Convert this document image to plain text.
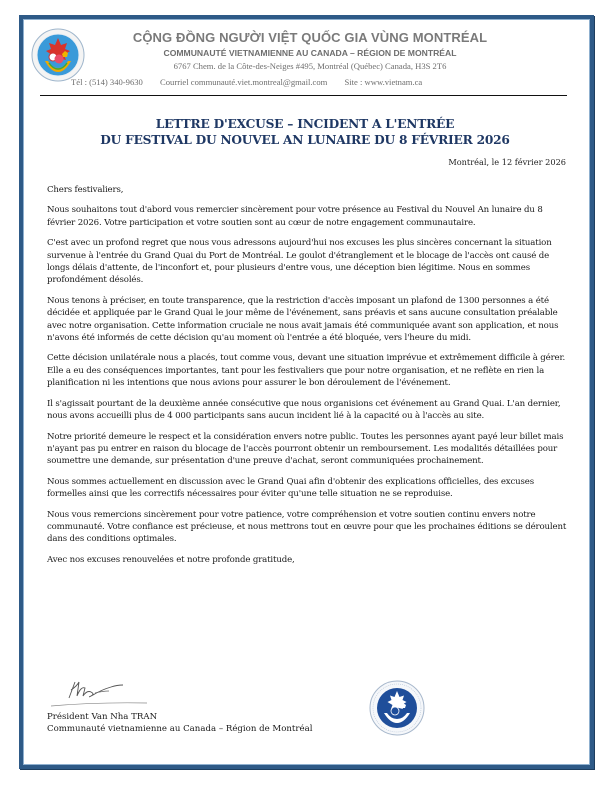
CỘNG ĐỒNG NGƯỜI VIỆT QUỐC GIA VÙNG MONTRÉAL
COMMUNAUTÉ VIETNAMIENNE AU CANADA – RÉGION DE MONTRÉAL
6767 Chem. de la Côte-des-Neiges #495, Montréal (Québec) Canada, H3S 2T6
Tél : (514) 340-9630 Courriel communauté.viet.montreal@gmail.com Site : www.vietnam.ca
LETTRE D'EXCUSE – INCIDENT A L'ENTRÉE
DU FESTIVAL DU NOUVEL AN LUNAIRE DU 8 FÉVRIER 2026
Montréal, le 12 février 2026

Chers festivaliers,

Nous souhaitons tout d'abord vous remercier sincèrement pour votre présence au Festival du Nouvel An lunaire du 8 février 2026. Votre participation et votre soutien sont au cœur de notre engagement communautaire.

C'est avec un profond regret que nous vous adressons aujourd'hui nos excuses les plus sincères concernant la situation survenue à l'entrée du Grand Quai du Port de Montréal. Le goulot d'étranglement et le blocage de l'accès ont causé de longs délais d'attente, de l'inconfort et, pour plusieurs d'entre vous, une déception bien légitime. Nous en sommes profondément désolés.

Nous tenons à préciser, en toute transparence, que la restriction d'accès imposant un plafond de 1300 personnes a été décidée et appliquée par le Grand Quai le jour même de l'événement, sans préavis et sans aucune consultation préalable avec notre organisation. Cette information cruciale ne nous avait jamais été communiquée avant son application, et nous n'avons été informés de cette décision qu'au moment où l'entrée a été bloquée, vers l'heure du midi.

Cette décision unilatérale nous a placés, tout comme vous, devant une situation imprévue et extrêmement difficile à gérer. Elle a eu des conséquences importantes, tant pour les festivaliers que pour notre organisation, et ne reflète en rien la planification ni les intentions que nous avions pour assurer le bon déroulement de l'événement.

Il s'agissait pourtant de la deuxième année consécutive que nous organisions cet événement au Grand Quai. L'an dernier, nous avons accueilli plus de 4 000 participants sans aucun incident lié à la capacité ou à l'accès au site.

Notre priorité demeure le respect et la considération envers notre public. Toutes les personnes ayant payé leur billet mais n'ayant pas pu entrer en raison du blocage de l'accès pourront obtenir un remboursement. Les modalités détaillées pour soumettre une demande, sur présentation d'une preuve d'achat, seront communiquées prochainement.

Nous sommes actuellement en discussion avec le Grand Quai afin d'obtenir des explications officielles, des excuses formelles ainsi que les correctifs nécessaires pour éviter qu'une telle situation ne se reproduise.

Nous vous remercions sincèrement pour votre patience, votre compréhension et votre soutien continu envers notre communauté. Votre confiance est précieuse, et nous mettrons tout en œuvre pour que les prochaines éditions se déroulent dans des conditions optimales.

Avec nos excuses renouvelées et notre profonde gratitude,

Président Van Nha TRAN
Communauté vietnamienne au Canada – Région de Montréal
